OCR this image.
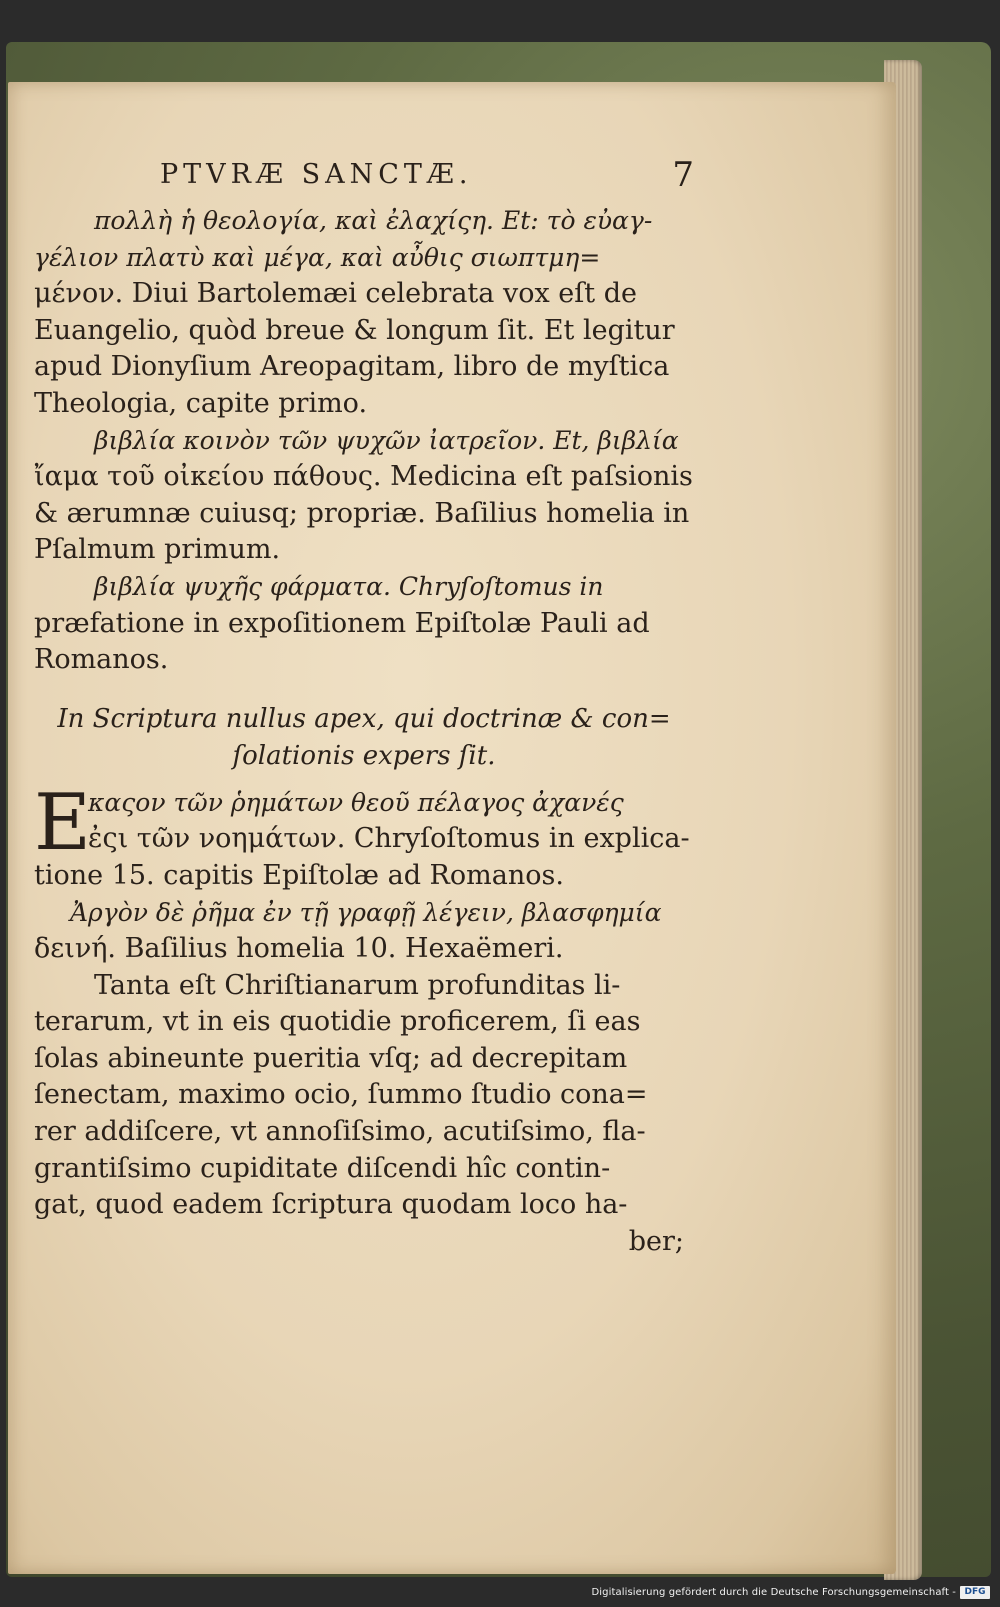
PTVRÆ SANCTÆ.	7
πολλὴ ἡ θεολογία, καὶ ἐλαχίςη. Et: τὸ εὐαγ-
γέλιον πλατὺ καὶ μέγα, καὶ αὖθις σιωπτμη=
μένον. Diui Bartolemæi celebrata vox eſt de
Euangelio, quòd breue & longum ſit. Et legitur
apud Dionyſium Areopagitam, libro de myſtica
Theologia, capite primo.
βιβλία κοινὸν τῶν ψυχῶν ἰατρεῖον. Et, βιβλία
ἴαμα τοῦ οἰκείου πάθους. Medicina eſt paſsionis
& ærumnæ cuiusq; propriæ. Baſilius homelia in
Pſalmum primum.
βιβλία ψυχῆς φάρματα. Chryſoſtomus in
præfatione in expoſitionem Epiſtolæ Pauli ad
Romanos.
In Scriptura nullus apex, qui doctrinæ & con=
ſolationis expers ſit.
E
καςον τῶν ῥημάτων θεοῦ πέλαγος ἀχανές
ἐςι τῶν νοημάτων. Chryſoſtomus in explica-
tione 15. capitis Epiſtolæ ad Romanos.
Ἀργὸν δὲ ῥῆμα ἐν τῇ γραφῇ λέγειν, βλασφημία
δεινή. Baſilius homelia 10. Hexaëmeri.
Tanta eſt Chriſtianarum profunditas li-
terarum, vt in eis quotidie proficerem, ſi eas
ſolas abineunte pueritia vſq; ad decrepitam
ſenectam, maximo ocio, ſummo ſtudio cona=
rer addiſcere, vt annoſiſsimo, acutiſsimo, fla-
grantiſsimo cupiditate diſcendi hîc contin-
gat, quod eadem ſcriptura quodam loco ha-
ber;
Digitalisierung gefördert durch die Deutsche Forschungsgemeinschaft - DFG
